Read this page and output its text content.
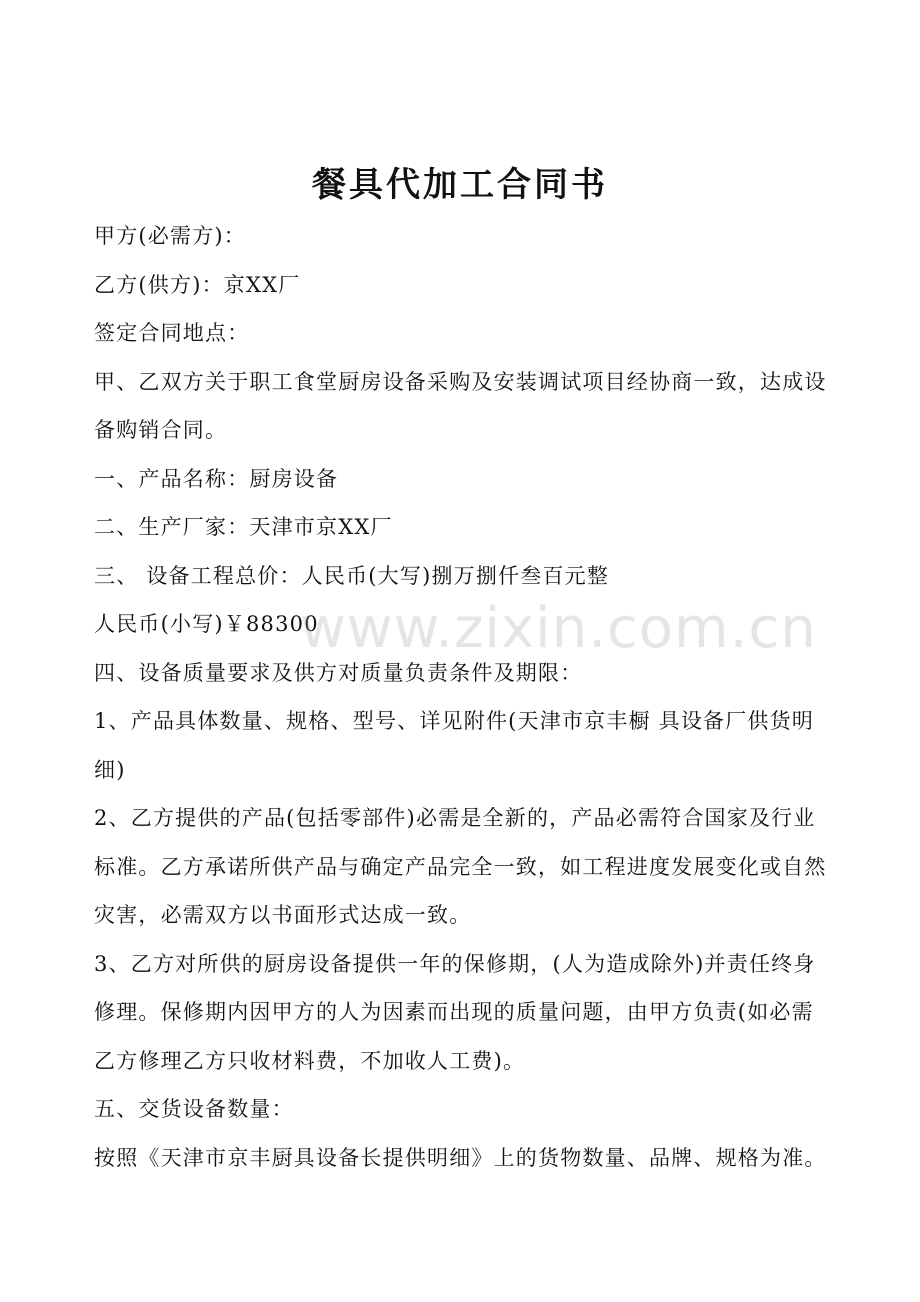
餐具代加工合同书

甲方(必需方)：

乙方(供方)：京XX厂

签定合同地点：

甲、乙双方关于职工食堂厨房设备采购及安装调试项目经协商一致，达成设备购销合同。

一、产品名称：厨房设备

二、生产厂家：天津市京XX厂

三、 设备工程总价：人民币(大写)捌万捌仟叁百元整

人民币(小写)￥88300

四、设备质量要求及供方对质量负责条件及期限：

1、产品具体数量、规格、型号、详见附件(天津市京丰橱 具设备厂供货明细)

2、乙方提供的产品(包括零部件)必需是全新的，产品必需符合国家及行业标准。乙方承诺所供产品与确定产品完全一致，如工程进度发展变化或自然灾害，必需双方以书面形式达成一致。

3、乙方对所供的厨房设备提供一年的保修期，(人为造成除外)并责任终身修理。保修期内因甲方的人为因素而出现的质量问题，由甲方负责(如必需乙方修理乙方只收材料费，不加收人工费)。

五、交货设备数量：

按照《天津市京丰厨具设备长提供明细》上的货物数量、品牌、规格为准。

www.zixin.com.cn
